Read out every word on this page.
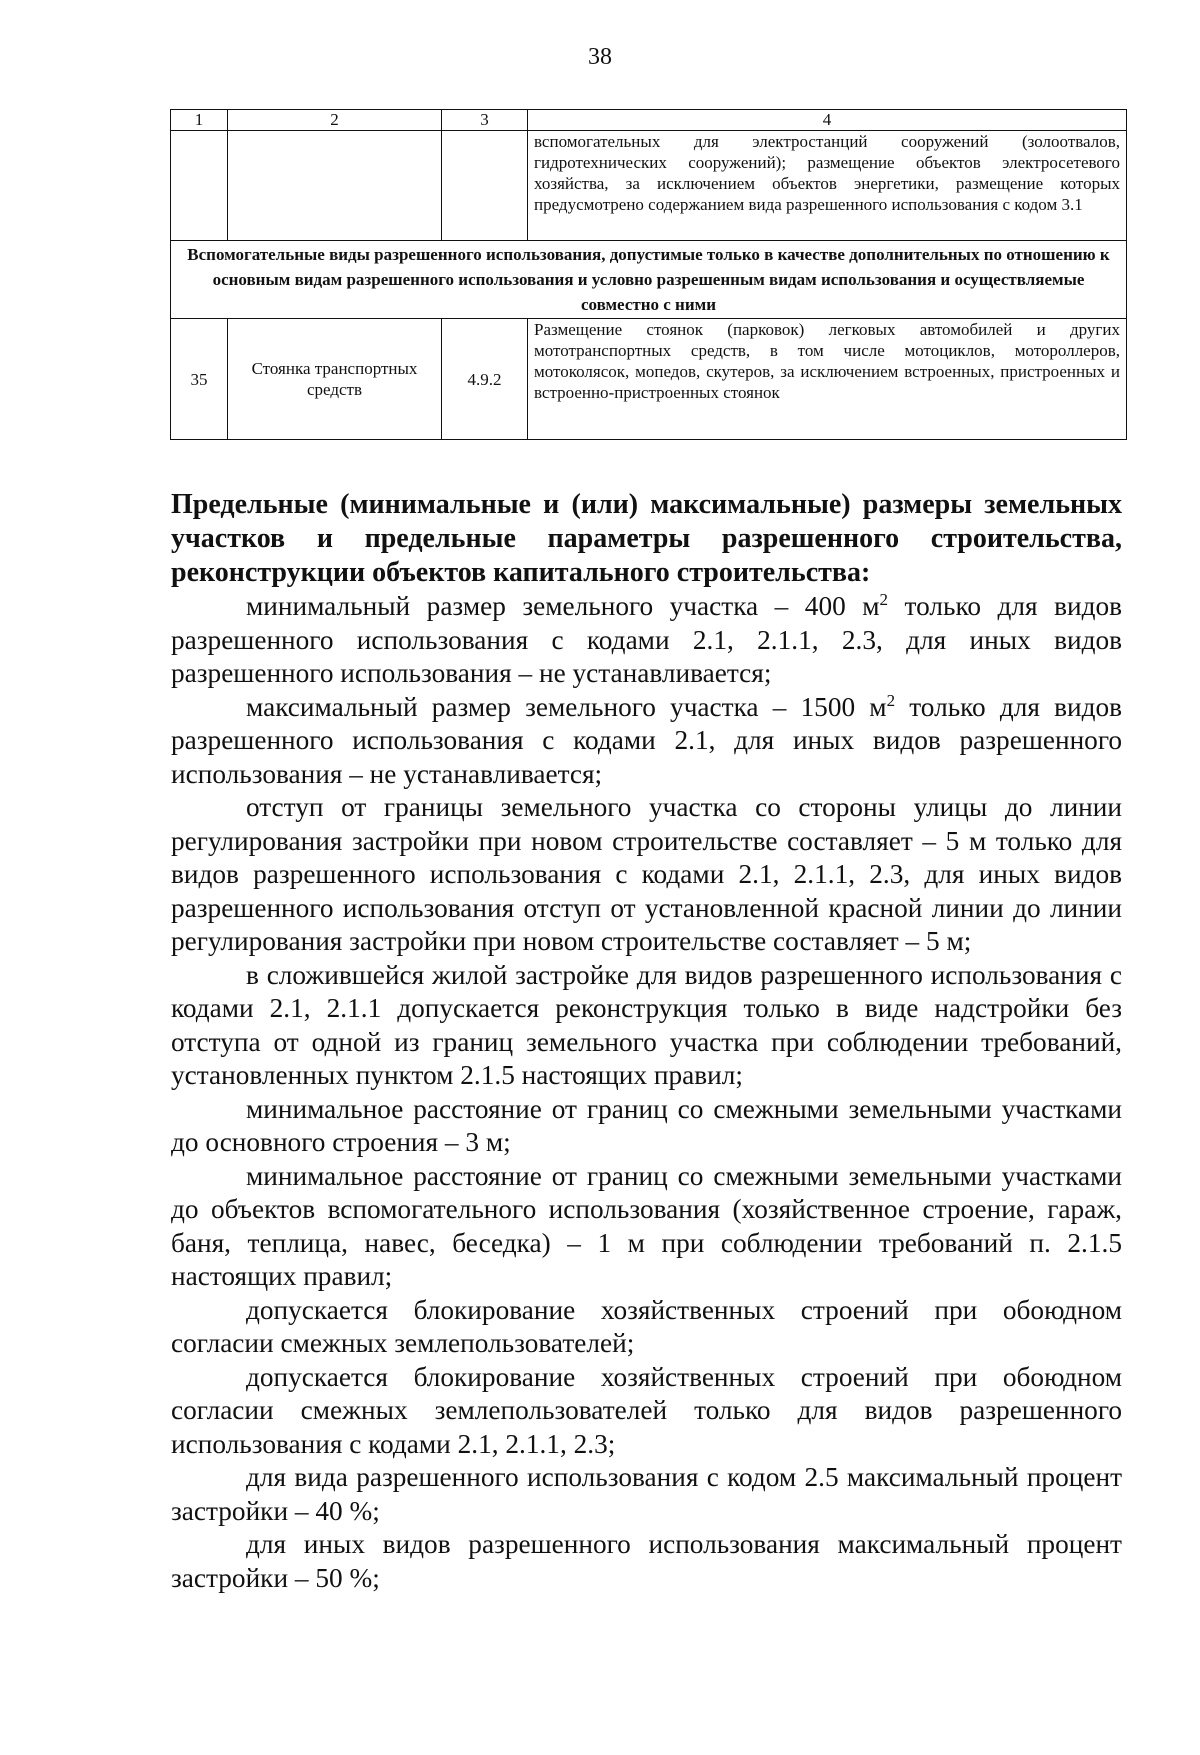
38
1	2	3	4
			вспомогательных для электростанций сооружений (золоотвалов, гидротехнических сооружений); размещение объектов электросетевого хозяйства, за исключением объектов энергетики, размещение которых предусмотрено содержанием вида разрешенного использования с кодом 3.1
Вспомогательные виды разрешенного использования, допустимые только в качестве дополнительных по отношению к основным видам разрешенного использования и условно разрешенным видам использования и осуществляемые совместно с ними			
35	Стоянка транспортных средств	4.9.2	Размещение стоянок (парковок) легковых автомобилей и других мототранспортных средств, в том числе мотоциклов, мотороллеров, мотоколясок, мопедов, скутеров, за исключением встроенных, пристроенных и встроенно-пристроенных стоянок
Предельные (минимальные и (или) максимальные) размеры земельных участков и предельные параметры разрешенного строительства, реконструкции объектов капитального строительства:

минимальный размер земельного участка – 400 $м^2$ только для видов разрешенного использования с кодами 2.1, 2.1.1, 2.3, для иных видов разрешенного использования – не устанавливается;

максимальный размер земельного участка – 1500 $м^2$ только для видов разрешенного использования с кодами 2.1, для иных видов разрешенного использования – не устанавливается;

отступ от границы земельного участка со стороны улицы до линии регулирования застройки при новом строительстве составляет – 5 м только для видов разрешенного использования с кодами 2.1, 2.1.1, 2.3, для иных видов разрешенного использования отступ от установленной красной линии до линии регулирования застройки при новом строительстве составляет – 5 м;

в сложившейся жилой застройке для видов разрешенного использования с кодами 2.1, 2.1.1 допускается реконструкция только в виде надстройки без отступа от одной из границ земельного участка при соблюдении требований, установленных пунктом 2.1.5 настоящих правил;

минимальное расстояние от границ со смежными земельными участками до основного строения – 3 м;

минимальное расстояние от границ со смежными земельными участками до объектов вспомогательного использования (хозяйственное строение, гараж, баня, теплица, навес, беседка) – 1 м при соблюдении требований п. 2.1.5 настоящих правил;

допускается блокирование хозяйственных строений при обоюдном согласии смежных землепользователей;

допускается блокирование хозяйственных строений при обоюдном согласии смежных землепользователей только для видов разрешенного использования с кодами 2.1, 2.1.1, 2.3;

для вида разрешенного использования с кодом 2.5 максимальный процент застройки – 40 %;

для иных видов разрешенного использования максимальный процент застройки – 50 %;
